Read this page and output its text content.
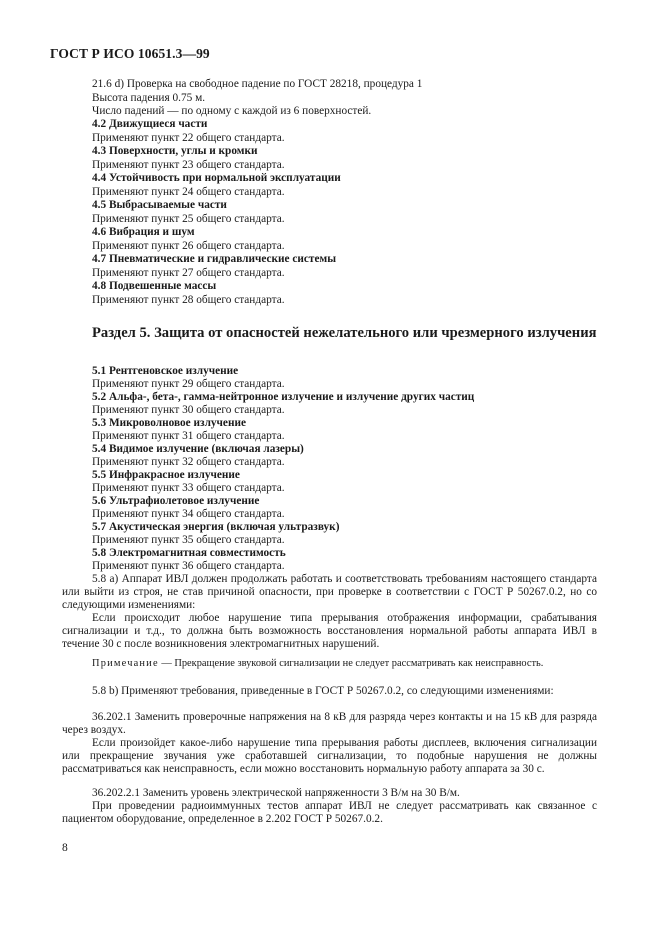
ГОСТ Р ИСО 10651.3—99
21.6 d) Проверка на свободное падение по ГОСТ 28218, процедура 1
Высота падения 0.75 м.
Число падений — по одному с каждой из 6 поверхностей.
4.2 Движущиеся части
Применяют пункт 22 общего стандарта.
4.3 Поверхности, углы и кромки
Применяют пункт 23 общего стандарта.
4.4 Устойчивость при нормальной эксплуатации
Применяют пункт 24 общего стандарта.
4.5 Выбрасываемые части
Применяют пункт 25 общего стандарта.
4.6 Вибрация и шум
Применяют пункт 26 общего стандарта.
4.7 Пневматические и гидравлические системы
Применяют пункт 27 общего стандарта.
4.8 Подвешенные массы
Применяют пункт 28 общего стандарта.
Раздел 5. Защита от опасностей нежелательного или чрезмерного излучения
5.1 Рентгеновское излучение
Применяют пункт 29 общего стандарта.
5.2 Альфа-, бета-, гамма-нейтронное излучение и излучение других частиц
Применяют пункт 30 общего стандарта.
5.3 Микроволновое излучение
Применяют пункт 31 общего стандарта.
5.4 Видимое излучение (включая лазеры)
Применяют пункт 32 общего стандарта.
5.5 Инфракрасное излучение
Применяют пункт 33 общего стандарта.
5.6 Ультрафиолетовое излучение
Применяют пункт 34 общего стандарта.
5.7 Акустическая энергия (включая ультразвук)
Применяют пункт 35 общего стандарта.
5.8 Электромагнитная совместимость
Применяют пункт 36 общего стандарта.
5.8 а) Аппарат ИВЛ должен продолжать работать и соответствовать требованиям настоящего стандарта или выйти из строя, не став причиной опасности, при проверке в соответствии с ГОСТ Р 50267.0.2, но со следующими изменениями:
Если происходит любое нарушение типа прерывания отображения информации, срабатывания сигнализации и т.д., то должна быть возможность восстановления нормальной работы аппарата ИВЛ в течение 30 с после возникновения электромагнитных нарушений.
Примечание — Прекращение звуковой сигнализации не следует рассматривать как неисправность.
5.8 b) Применяют требования, приведенные в ГОСТ Р 50267.0.2, со следующими изменениями:
36.202.1 Заменить проверочные напряжения на 8 кВ для разряда через контакты и на 15 кВ для разряда через воздух.
Если произойдет какое-либо нарушение типа прерывания работы дисплеев, включения сигнализации или прекращение звучания уже сработавшей сигнализации, то подобные нарушения не должны рассматриваться как неисправность, если можно восстановить нормальную работу аппарата за 30 с.
36.202.2.1 Заменить уровень электрической напряженности 3 В/м на 30 В/м.
При проведении радиоиммунных тестов аппарат ИВЛ не следует рассматривать как связанное с пациентом оборудование, определенное в 2.202 ГОСТ Р 50267.0.2.
8
